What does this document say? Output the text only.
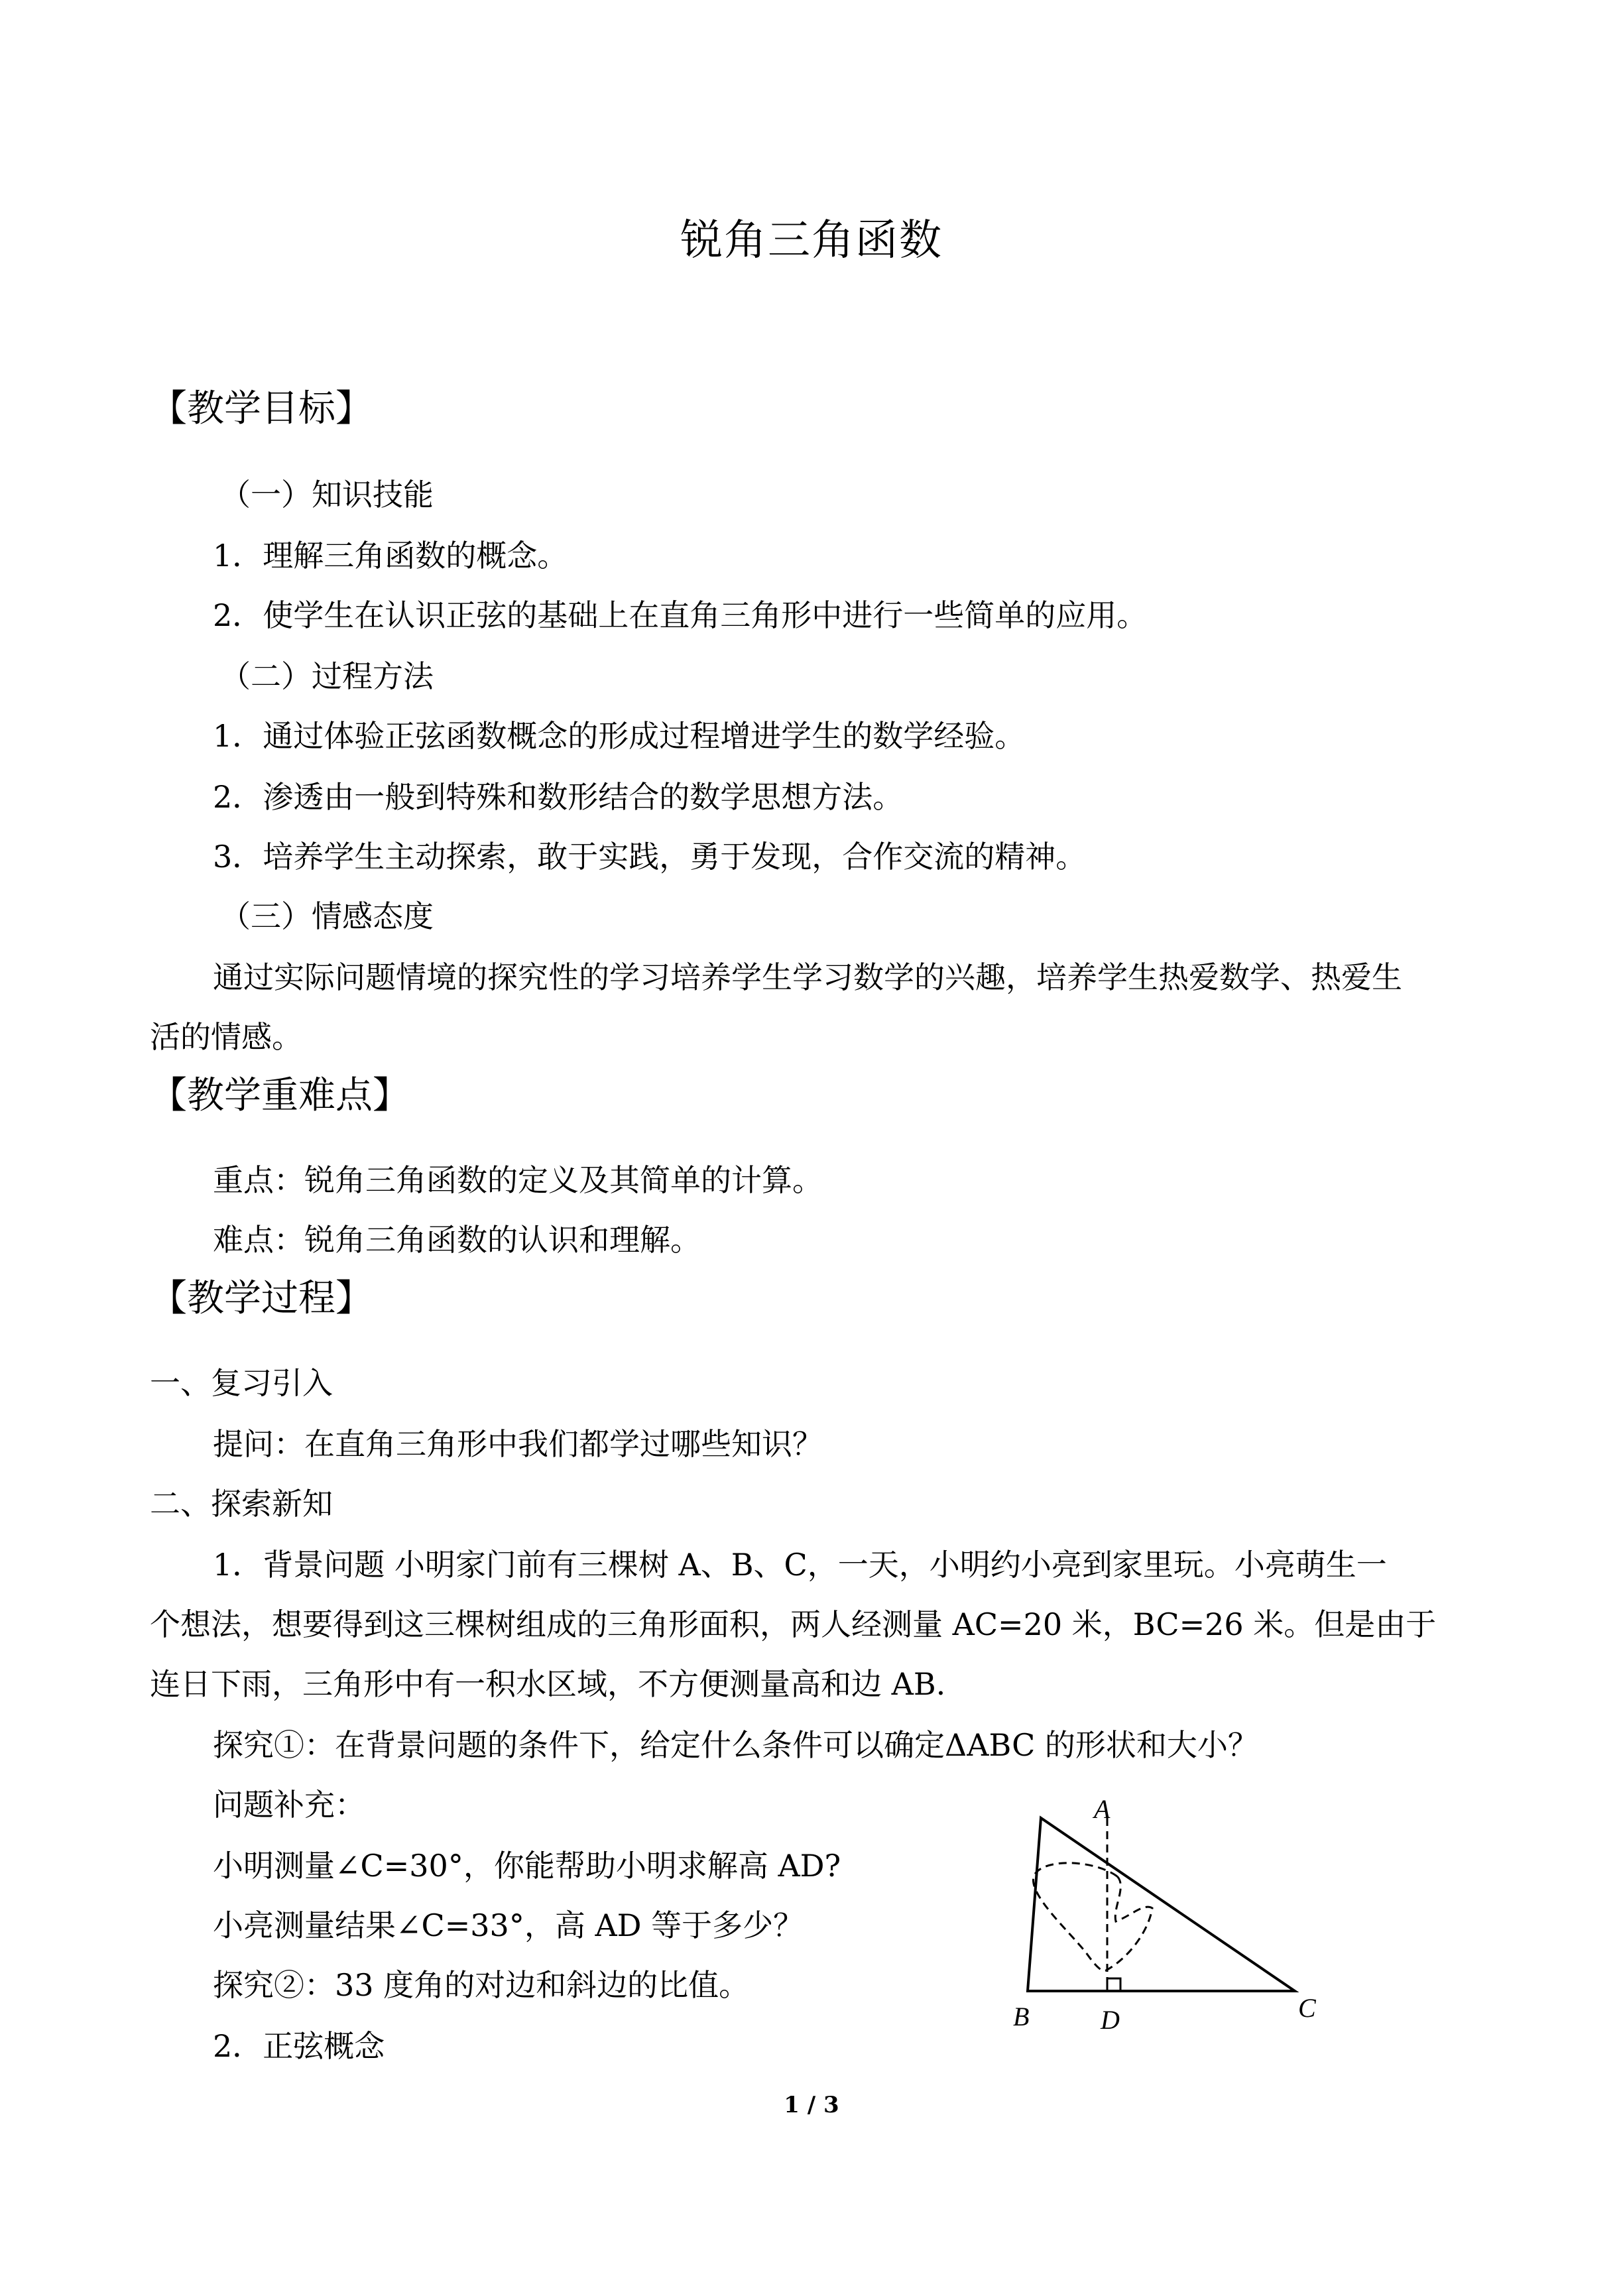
锐角三角函数
【教学目标】
（一）知识技能
1．理解三角函数的概念。
2．使学生在认识正弦的基础上在直角三角形中进行一些简单的应用。
（二）过程方法
1．通过体验正弦函数概念的形成过程增进学生的数学经验。
2．渗透由一般到特殊和数形结合的数学思想方法。
3．培养学生主动探索，敢于实践，勇于发现，合作交流的精神。
（三）情感态度
通过实际问题情境的探究性的学习培养学生学习数学的兴趣，培养学生热爱数学、热爱生
活的情感。
【教学重难点】
重点：锐角三角函数的定义及其简单的计算。
难点：锐角三角函数的认识和理解。
【教学过程】
一、复习引入
提问：在直角三角形中我们都学过哪些知识？
二、探索新知
1．背景问题 小明家门前有三棵树 A、B、C，一天，小明约小亮到家里玩。小亮萌生一
个想法，想要得到这三棵树组成的三角形面积，两人经测量 AC=20 米，BC=26 米。但是由于
连日下雨，三角形中有一积水区域，不方便测量高和边 AB.
探究①：在背景问题的条件下，给定什么条件可以确定ΔABC 的形状和大小？
问题补充：
小明测量∠C=30°，你能帮助小明求解高 AD?
小亮测量结果∠C=33°，高 AD 等于多少？
探究②：33 度角的对边和斜边的比值。
2．正弦概念
A
B	C
D
1 / 3
